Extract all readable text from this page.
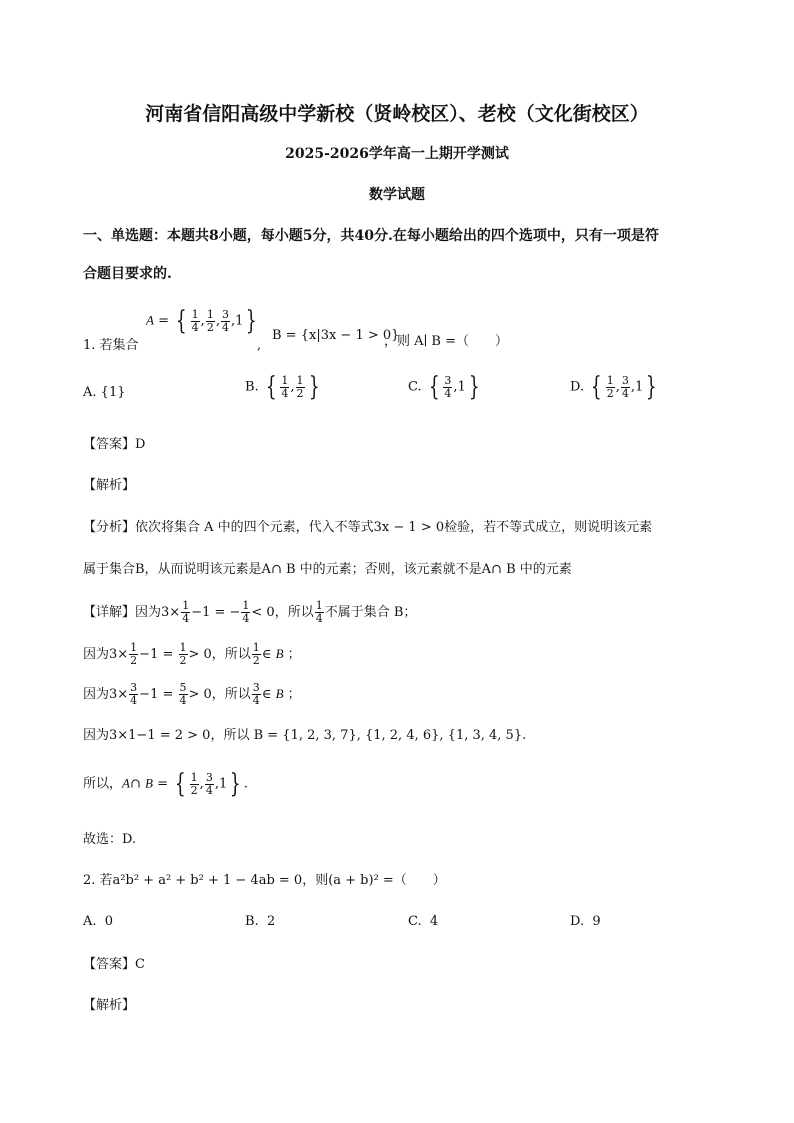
河南省信阳高级中学新校（贤岭校区）、老校（文化街校区）
2025-2026学年高一上期开学测试
数学试题
一、单选题：本题共8小题，每小题5分，共40分.在每小题给出的四个选项中，只有一项是符
合题目要求的.
1. 若集合
A = { $\frac{1}{4}$ , $\frac{1}{2}$ , $\frac{3}{4} ,1$ }
,
B = {x|3x − 1 > 0}
，则 A∣ B =（　　）
A. {1}	B. { $\frac{1}{4}$ , $\frac{1}{2}$ }	C. { $\frac{3}{4} ,1$ }	D. { $\frac{1}{2}$ , $\frac{3}{4} ,1$ }
【答案】D
【解析】
【分析】依次将集合 A 中的四个元素，代入不等式3x − 1 > 0检验，若不等式成立，则说明该元素
属于集合B，从而说明该元素是A∩ B 中的元素；否则，该元素就不是A∩ B 中的元素
【详解】因为$3\times \frac{1}{4} -1$ = − $\frac{1}{4} < 0$，所以 $\frac{1}{4}$ 不属于集合 B；
因为$3\times \frac{1}{2} -1 = \frac{1}{2} > 0$，所以 $\frac{1}{2}$ ∈ B ；
因为$3\times \frac{3}{4} -1 = \frac{5}{4} > 0$，所以 $\frac{3}{4}$ ∈ B ；
因为3×1−1 = 2 > 0，所以 B = {1, 2, 3, 7}, {1, 2, 4, 6}, {1, 3, 4, 5}.
所以，A∩ B = { $\frac{1}{2}$ , $\frac{3}{4} ,1$ } .
故选：D.
2. 若a²b² + a² + b² + 1 − 4ab = 0，则(a + b)² =（　　）
A. 0	B. 2	C. 4	D. 9
【答案】C
【解析】
